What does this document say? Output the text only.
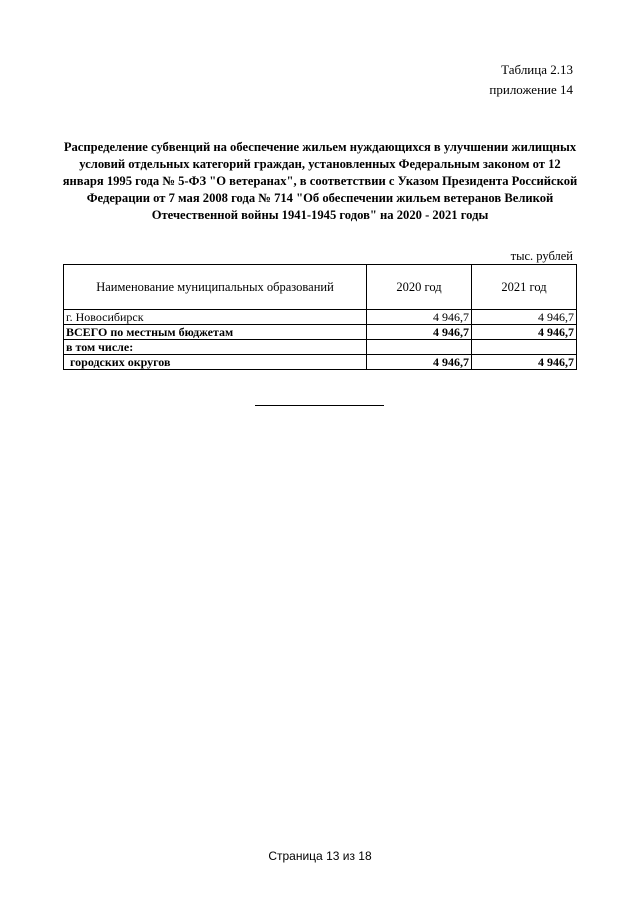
Таблица 2.13
приложение 14
Распределение субвенций на обеспечение жильем нуждающихся в улучшении жилищных условий отдельных категорий граждан, установленных Федеральным законом от 12 января 1995 года № 5-ФЗ "О ветеранах", в соответствии с Указом Президента Российской Федерации от 7 мая 2008 года № 714 "Об обеспечении жильем ветеранов Великой Отечественной войны 1941-1945 годов" на 2020 - 2021 годы
тыс. рублей
Наименование муниципальных образований	2020 год	2021 год
г. Новосибирск	4 946,7	4 946,7
ВСЕГО по местным бюджетам	4 946,7	4 946,7
в том числе:		
городских округов	4 946,7	4 946,7
Страница 13 из 18
